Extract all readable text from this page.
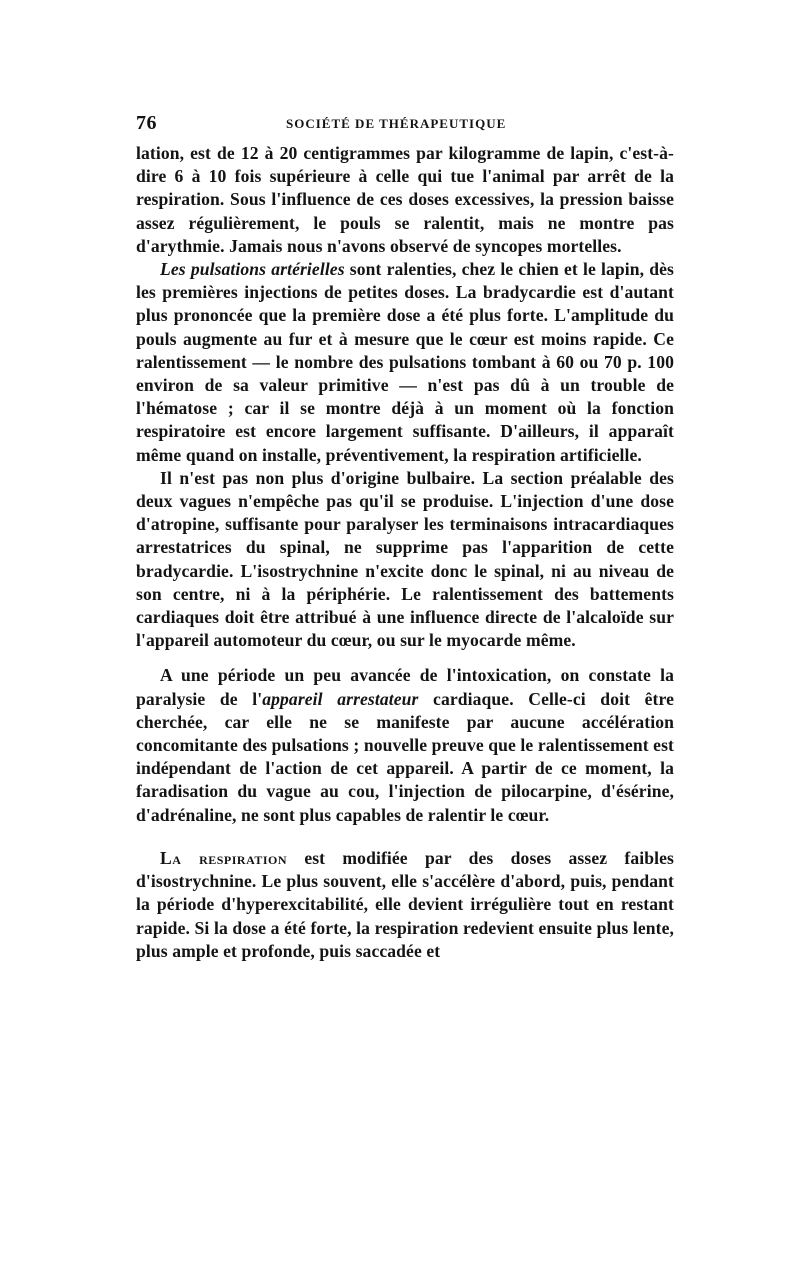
76	SOCIÉTÉ DE THÉRAPEUTIQUE

lation, est de 12 à 20 centigrammes par kilogramme de lapin, c'est-à-dire 6 à 10 fois supérieure à celle qui tue l'animal par arrêt de la respiration. Sous l'influence de ces doses excessives, la pression baisse assez régulièrement, le pouls se ralentit, mais ne montre pas d'arythmie. Jamais nous n'avons observé de syncopes mortelles.

Les pulsations artérielles sont ralenties, chez le chien et le lapin, dès les premières injections de petites doses. La bradycardie est d'autant plus prononcée que la première dose a été plus forte. L'amplitude du pouls augmente au fur et à mesure que le cœur est moins rapide. Ce ralentissement — le nombre des pulsations tombant à 60 ou 70 p. 100 environ de sa valeur primitive — n'est pas dû à un trouble de l'hématose ; car il se montre déjà à un moment où la fonction respiratoire est encore largement suffisante. D'ailleurs, il apparaît même quand on installe, préventivement, la respiration artificielle.

Il n'est pas non plus d'origine bulbaire. La section préalable des deux vagues n'empêche pas qu'il se produise. L'injection d'une dose d'atropine, suffisante pour paralyser les terminaisons intracardiaques arrestatrices du spinal, ne supprime pas l'apparition de cette bradycardie. L'isostrychnine n'excite donc le spinal, ni au niveau de son centre, ni à la périphérie. Le ralentissement des battements cardiaques doit être attribué à une influence directe de l'alcaloïde sur l'appareil automoteur du cœur, ou sur le myocarde même.

A une période un peu avancée de l'intoxication, on constate la paralysie de l'appareil arrestateur cardiaque. Celle-ci doit être cherchée, car elle ne se manifeste par aucune accélération concomitante des pulsations ; nouvelle preuve que le ralentissement est indépendant de l'action de cet appareil. A partir de ce moment, la faradisation du vague au cou, l'injection de pilocarpine, d'ésérine, d'adrénaline, ne sont plus capables de ralentir le cœur.

La respiration est modifiée par des doses assez faibles d'isostrychnine. Le plus souvent, elle s'accélère d'abord, puis, pendant la période d'hyperexcitabilité, elle devient irrégulière tout en restant rapide. Si la dose a été forte, la respiration redevient ensuite plus lente, plus ample et profonde, puis saccadée et
